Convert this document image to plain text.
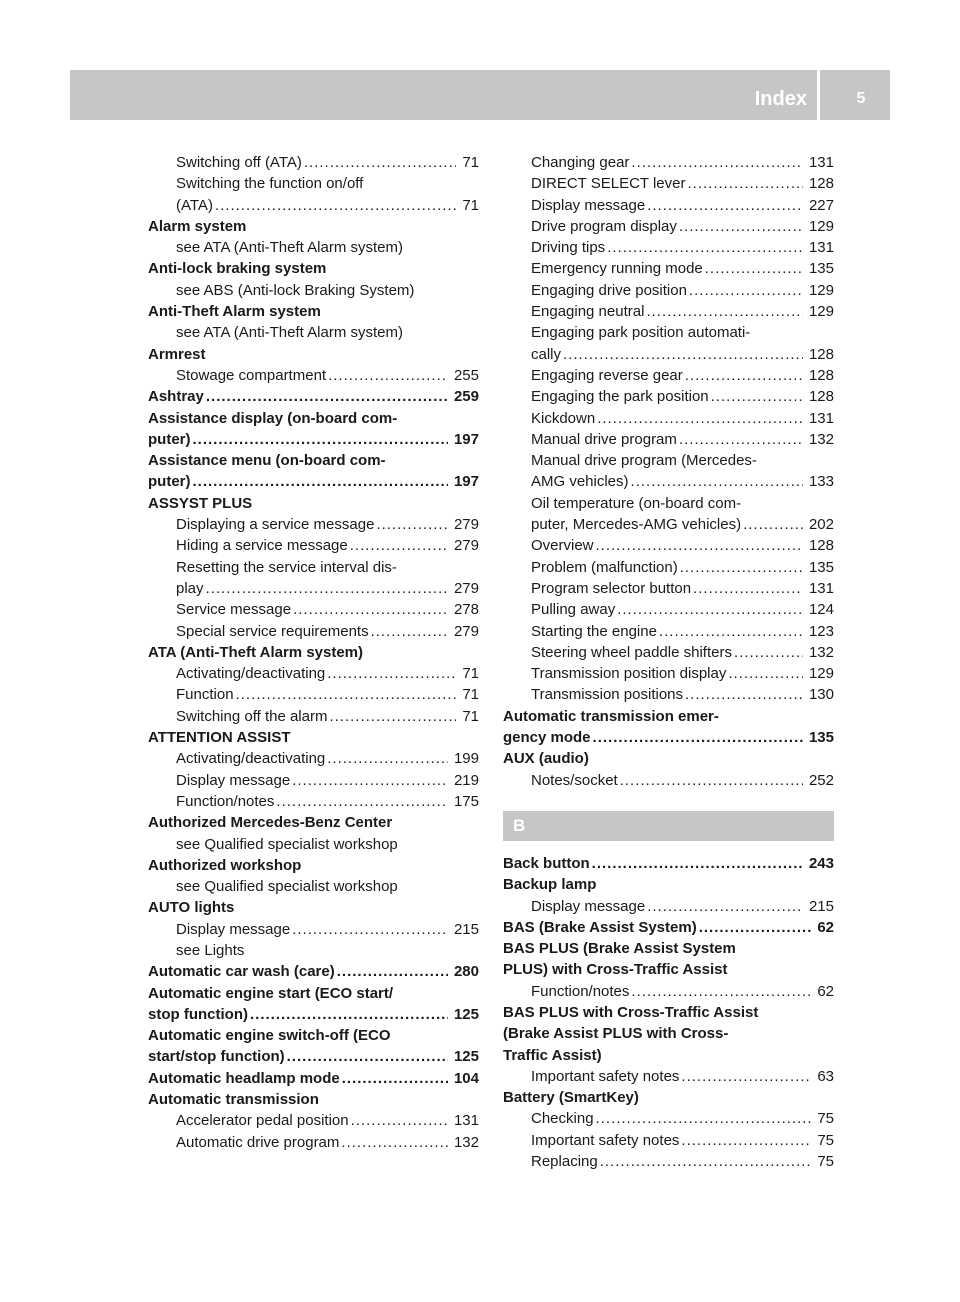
Index	5
Switching off (ATA) .....	71
Switching the function on/off
(ATA) .....	71
Alarm system
see ATA (Anti-Theft Alarm system)
Anti-lock braking system
see ABS (Anti-lock Braking System)
Anti-Theft Alarm system
see ATA (Anti-Theft Alarm system)
Armrest
Stowage compartment .....	255
Ashtray .....	259
Assistance display (on-board com-
puter) .....	197
Assistance menu (on-board com-
puter) .....	197
ASSYST PLUS
Displaying a service message .....	279
Hiding a service message .....	279
Resetting the service interval dis-
play .....	279
Service message .....	278
Special service requirements .....	279
ATA (Anti-Theft Alarm system)
Activating/deactivating .....	71
Function .....	71
Switching off the alarm .....	71
ATTENTION ASSIST
Activating/deactivating .....	199
Display message .....	219
Function/notes .....	175
Authorized Mercedes-Benz Center
see Qualified specialist workshop
Authorized workshop
see Qualified specialist workshop
AUTO lights
Display message .....	215
see Lights
Automatic car wash (care) .....	280
Automatic engine start (ECO start/
stop function) .....	125
Automatic engine switch-off (ECO
start/stop function) .....	125
Automatic headlamp mode .....	104
Automatic transmission
Accelerator pedal position .....	131
Automatic drive program .....	132
Changing gear .....	131
DIRECT SELECT lever .....	128
Display message .....	227
Drive program display .....	129
Driving tips .....	131
Emergency running mode .....	135
Engaging drive position .....	129
Engaging neutral .....	129
Engaging park position automati-
cally .....	128
Engaging reverse gear .....	128
Engaging the park position .....	128
Kickdown .....	131
Manual drive program .....	132
Manual drive program (Mercedes-
AMG vehicles) .....	133
Oil temperature (on-board com-
puter, Mercedes-AMG vehicles) .....	202
Overview .....	128
Problem (malfunction) .....	135
Program selector button .....	131
Pulling away .....	124
Starting the engine .....	123
Steering wheel paddle shifters .....	132
Transmission position display .....	129
Transmission positions .....	130
Automatic transmission emer-
gency mode .....	135
AUX (audio)
Notes/socket .....	252
B
Back button .....	243
Backup lamp
Display message .....	215
BAS (Brake Assist System) .....	62
BAS PLUS (Brake Assist System
PLUS) with Cross-Traffic Assist
Function/notes .....	62
BAS PLUS with Cross-Traffic Assist
(Brake Assist PLUS with Cross-
Traffic Assist)
Important safety notes .....	63
Battery (SmartKey)
Checking .....	75
Important safety notes .....	75
Replacing .....	75
